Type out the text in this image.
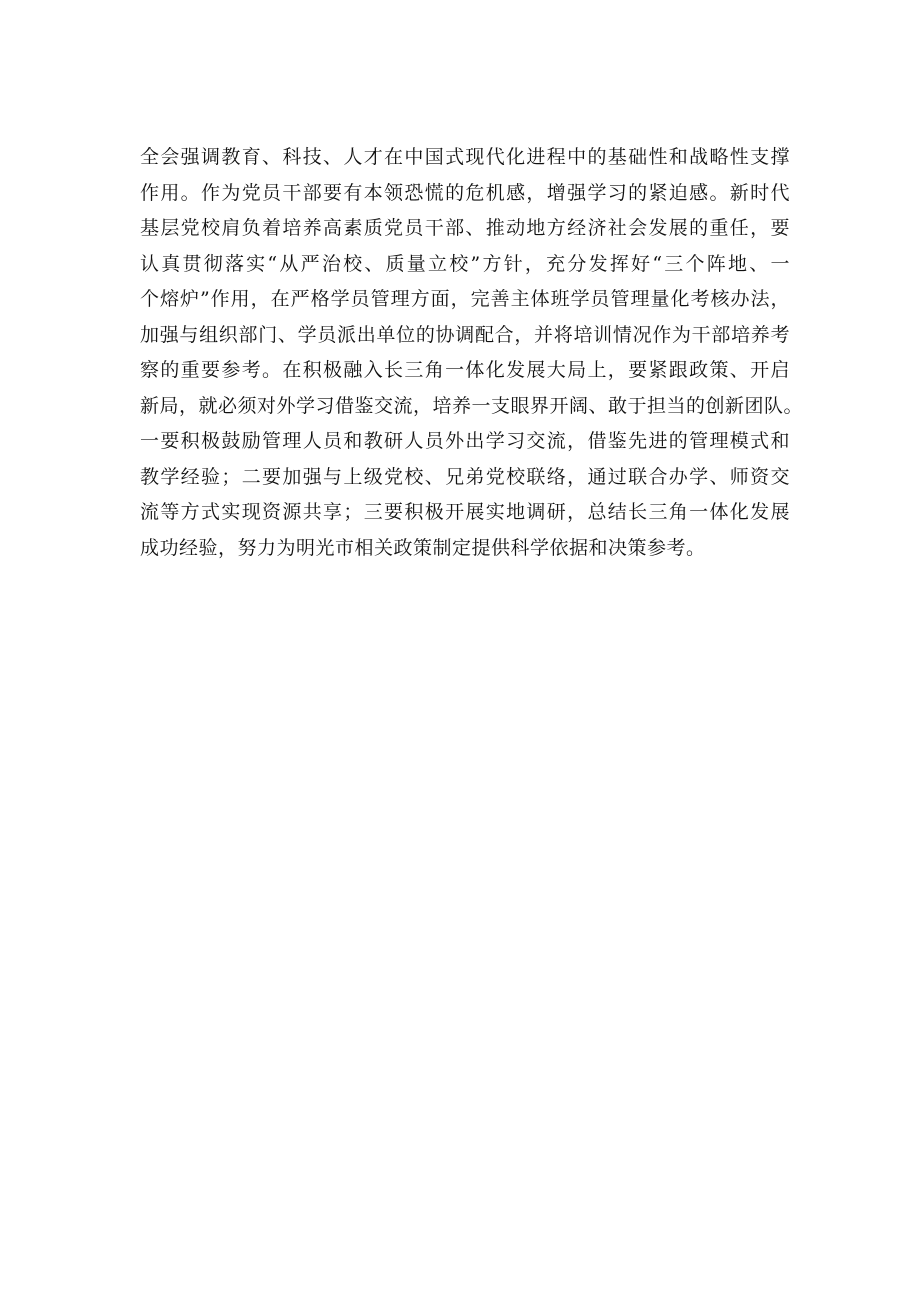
全会强调教育、科技、人才在中国式现代化进程中的基础性和战略性支撑
作用。作为党员干部要有本领恐慌的危机感，增强学习的紧迫感。新时代
基层党校肩负着培养高素质党员干部、推动地方经济社会发展的重任，要
认真贯彻落实“从严治校、质量立校”方针，充分发挥好“三个阵地、一
个熔炉”作用，在严格学员管理方面，完善主体班学员管理量化考核办法，
加强与组织部门、学员派出单位的协调配合，并将培训情况作为干部培养考
察的重要参考。在积极融入长三角一体化发展大局上，要紧跟政策、开启
新局，就必须对外学习借鉴交流，培养一支眼界开阔、敢于担当的创新团队。
一要积极鼓励管理人员和教研人员外出学习交流，借鉴先进的管理模式和
教学经验；二要加强与上级党校、兄弟党校联络，通过联合办学、师资交
流等方式实现资源共享；三要积极开展实地调研，总结长三角一体化发展
成功经验，努力为明光市相关政策制定提供科学依据和决策参考。
